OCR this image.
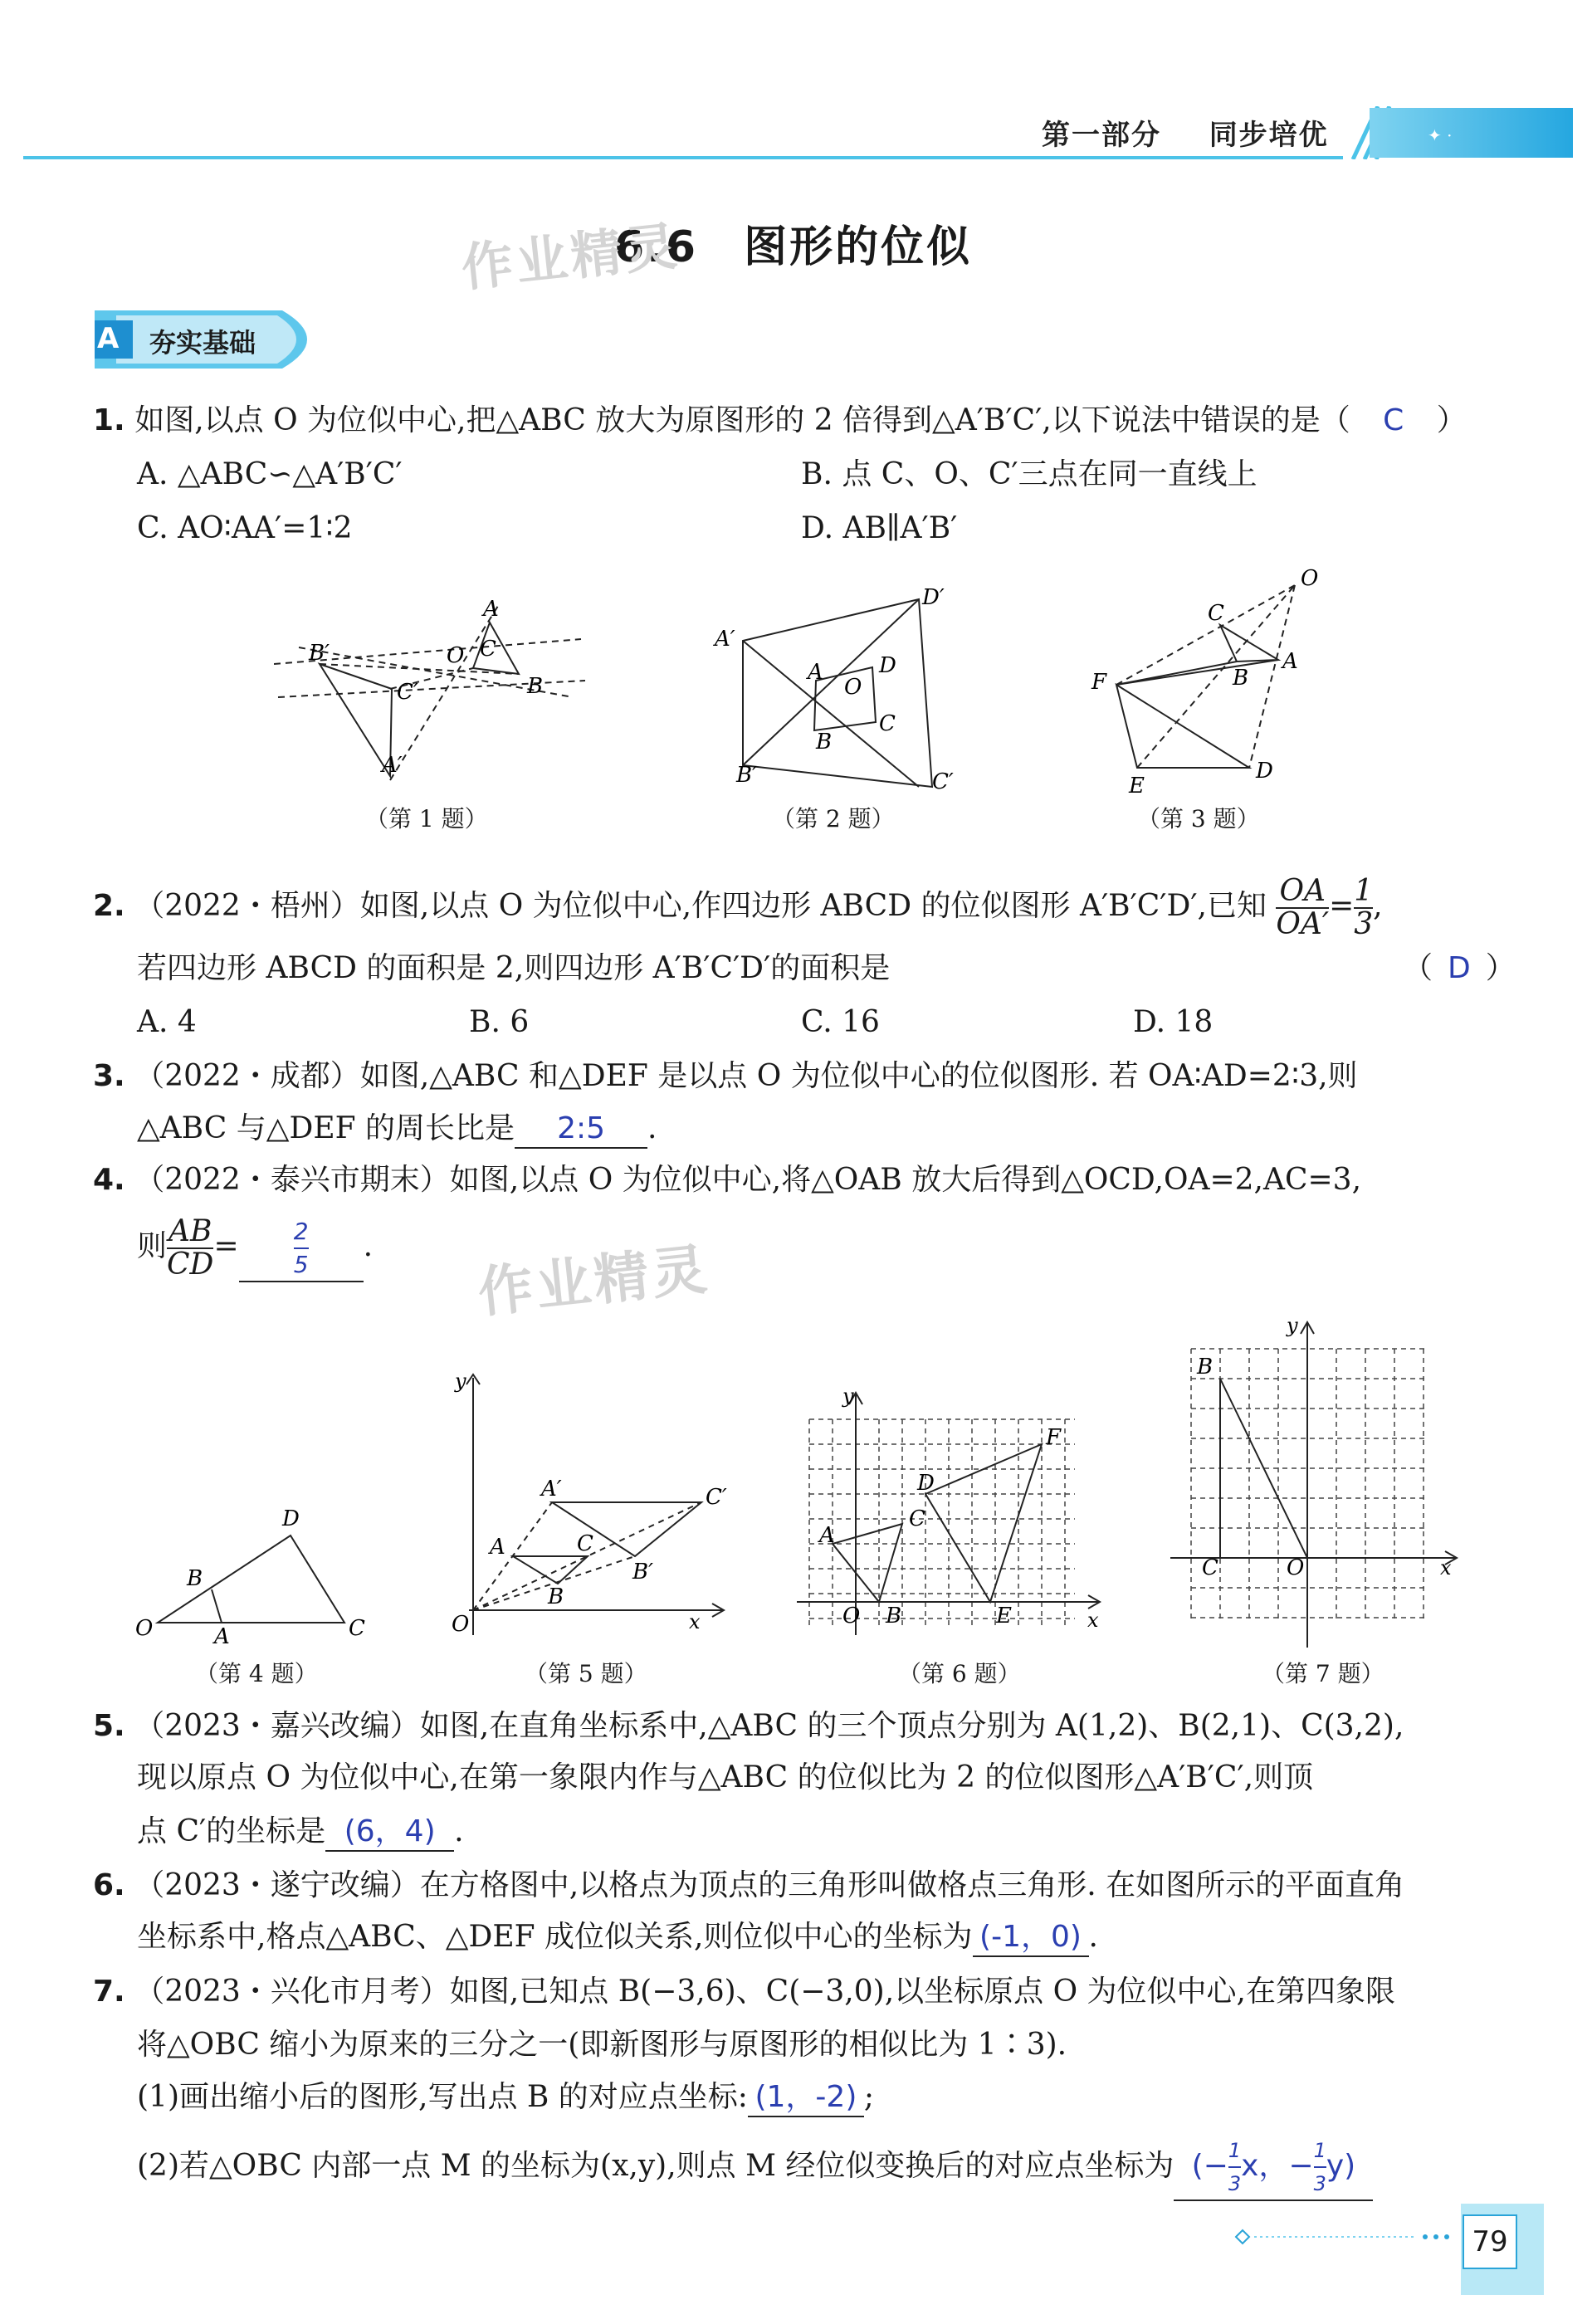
✦ ·
第一部分 同步培优
6.6　图形的位似
作业精灵
作业精灵
A 夯实基础
1. 如图,以点 O 为位似中心,把△ABC 放大为原图形的 2 倍得到△A′B′C′,以下说法中错误的是（ C ）
A. △ABC∽△A′B′C′	B. 点 C、O、C′三点在同一直线上
C. AO∶AA′=1∶2	D. AB∥A′B′
B′	O
A
C
B
C′
A′
（第 1 题）
D′
A′
A
O
D
B
C
B′	C′
（第 2 题）
O
C
A
B
F
E
D
（第 3 题）
2. （2022・梧州）如图,以点 O 为位似中心,作四边形 ABCD 的位似图形 A′B′C′D′,已知 $\frac{OA}{OA'} = \frac{1}{3}$ ,
若四边形 ABCD 的面积是 2,则四边形 A′B′C′D′的面积是	（ D ）
A. 4	B. 6	C. 16	D. 18
3. （2022・成都）如图,△ABC 和△DEF 是以点 O 为位似中心的位似图形. 若 OA∶AD=2∶3,则
△ABC 与△DEF 的周长比是 2:5 .
4. （2022・泰兴市期末）如图,以点 O 为位似中心,将△OAB 放大后得到△OCD,OA=2,AC=3,
则 $\frac{AB}{CD} = \frac{2}{5}$ .
D
B
O	A	C
（第 4 题）
y
A′	C′
A	C
B′
B
O	x
（第 5 题）
y
F
D
C
A
O B	E	x
（第 6 题）
y
B
C	O	x
（第 7 题）
5. （2023・嘉兴改编）如图,在直角坐标系中,△ABC 的三个顶点分别为 A(1,2)、B(2,1)、C(3,2),
现以原点 O 为位似中心,在第一象限内作与△ABC 的位似比为 2 的位似图形△A′B′C′,则顶
点 C′的坐标是 (6，4) .
6. （2023・遂宁改编）在方格图中,以格点为顶点的三角形叫做格点三角形. 在如图所示的平面直角
坐标系中,格点△ABC、△DEF 成位似关系,则位似中心的坐标为 (-1，0) .
7. （2023・兴化市月考）如图,已知点 B(−3,6)、C(−3,0),以坐标原点 O 为位似中心,在第四象限
将△OBC 缩小为原来的三分之一(即新图形与原图形的相似比为 1∶3).
(1)画出缩小后的图形,写出点 B 的对应点坐标: (1，-2) ;
(2)若△OBC 内部一点 M 的坐标为(x,y),则点 M 经位似变换后的对应点坐标为 (− $\frac{1}{3}$ x，− $\frac{1}{3} y$)
79
